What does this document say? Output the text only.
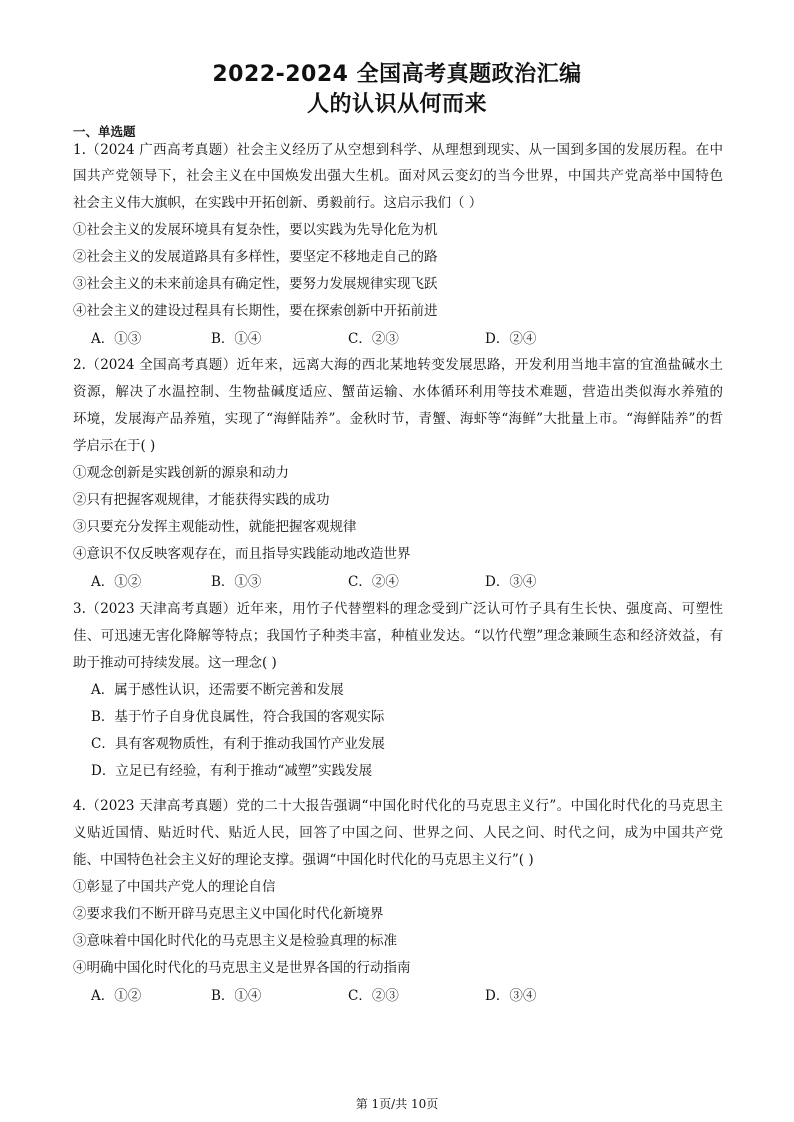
2022-2024 全国高考真题政治汇编
人的认识从何而来
一、单选题
1.（2024 广西高考真题）社会主义经历了从空想到科学、从理想到现实、从一国到多国的发展历程。在中
国共产党领导下，社会主义在中国焕发出强大生机。面对风云变幻的当今世界，中国共产党高举中国特色
社会主义伟大旗帜，在实践中开拓创新、勇毅前行。这启示我们（ ）
①社会主义的发展环境具有复杂性，要以实践为先导化危为机
②社会主义的发展道路具有多样性，要坚定不移地走自己的路
③社会主义的未来前途具有确定性，要努力发展规律实现飞跃
④社会主义的建设过程具有长期性，要在探索创新中开拓前进
A．①③	B．①④	C．②③	D．②④
2.（2024 全国高考真题）近年来，远离大海的西北某地转变发展思路，开发利用当地丰富的宜渔盐碱水土
资源，解决了水温控制、生物盐碱度适应、蟹苗运输、水体循环利用等技术难题，营造出类似海水养殖的
环境，发展海产品养殖，实现了“海鲜陆养”。金秋时节，青蟹、海虾等“海鲜”大批量上市。“海鲜陆养”的哲
学启示在于( )
①观念创新是实践创新的源泉和动力
②只有把握客观规律，才能获得实践的成功
③只要充分发挥主观能动性，就能把握客观规律
④意识不仅反映客观存在，而且指导实践能动地改造世界
A．①②	B．①③	C．②④	D．③④
3.（2023 天津高考真题）近年来，用竹子代替塑料的理念受到广泛认可竹子具有生长快、强度高、可塑性
佳、可迅速无害化降解等特点；我国竹子种类丰富，种植业发达。“以竹代塑”理念兼顾生态和经济效益，有
助于推动可持续发展。这一理念( )
A．属于感性认识，还需要不断完善和发展
B．基于竹子自身优良属性，符合我国的客观实际
C．具有客观物质性，有利于推动我国竹产业发展
D．立足已有经验，有利于推动“减塑”实践发展
4.（2023 天津高考真题）党的二十大报告强调“中国化时代化的马克思主义行”。中国化时代化的马克思主
义贴近国情、贴近时代、贴近人民，回答了中国之问、世界之问、人民之问、时代之问，成为中国共产党
能、中国特色社会主义好的理论支撑。强调“中国化时代化的马克思主义行”( )
①彰显了中国共产党人的理论自信
②要求我们不断开辟马克思主义中国化时代化新境界
③意味着中国化时代化的马克思主义是检验真理的标准
④明确中国化时代化的马克思主义是世界各国的行动指南
A．①②	B．①④	C．②③	D．③④
第 1页/共 10页
